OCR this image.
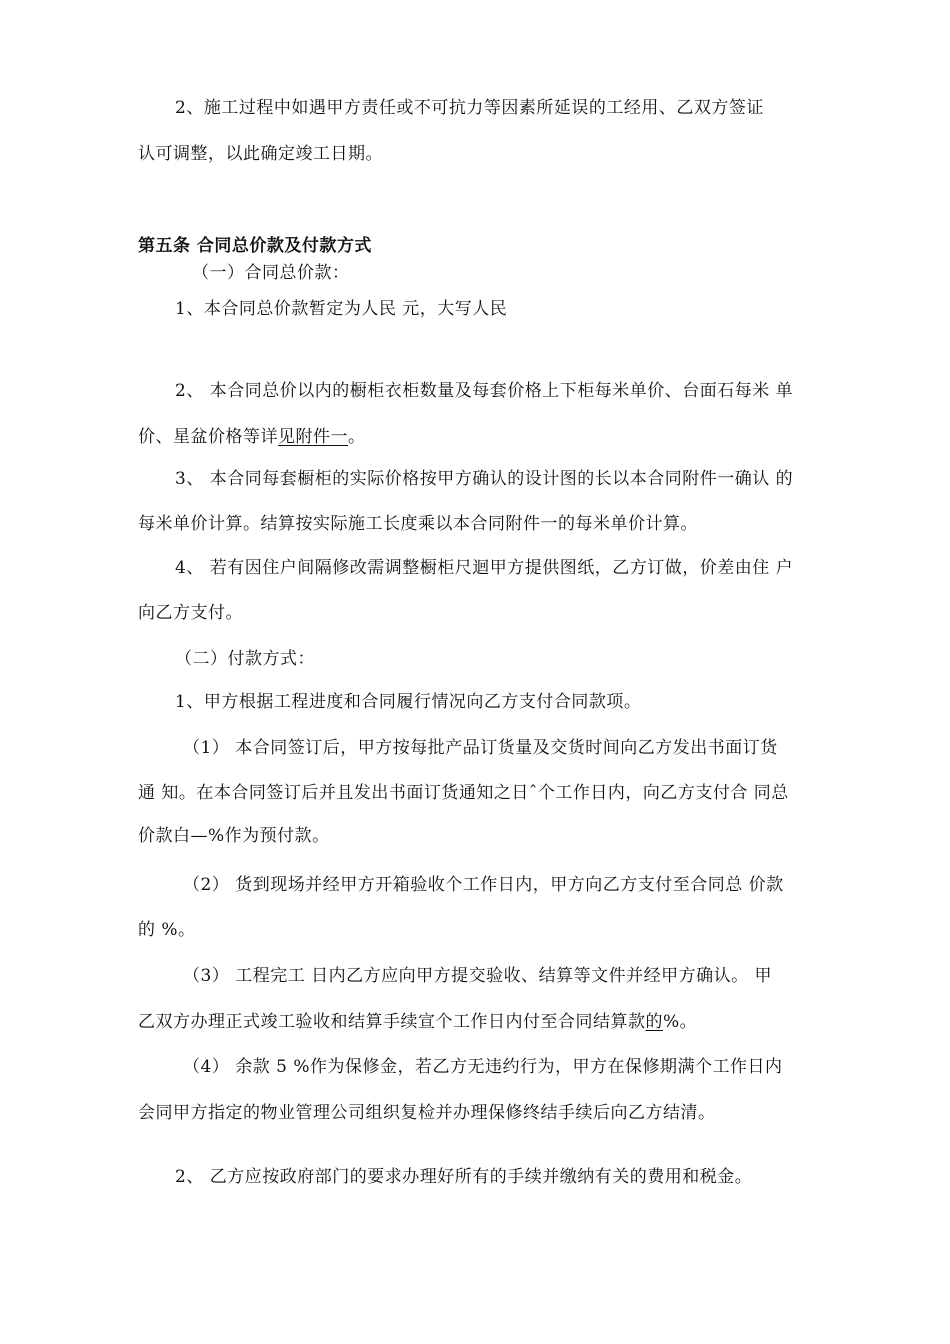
2、施工过程中如遇甲方责任或不可抗力等因素所延误的工经用、乙双方签证
认可调整，以此确定竣工日期。
第五条 合同总价款及付款方式
（一）合同总价款：
1、本合同总价款暂定为人民 元，大写人民
2、 本合同总价以内的橱柜衣柜数量及每套价格上下柜每米单价、台面石每米 单
价、星盆价格等详见附件一。
3、 本合同每套橱柜的实际价格按甲方确认的设计图的长以本合同附件一确认 的
每米单价计算。结算按实际施工长度乘以本合同附件一的每米单价计算。
4、 若有因住户间隔修改需调整橱柜尺迴甲方提供图纸，乙方订做，价差由住 户
向乙方支付。
（二）付款方式：
1、甲方根据工程进度和合同履行情况向乙方支付合同款项。
（1） 本合同签订后，甲方按每批产品订货量及交货时间向乙方发出书面订货
通 知。在本合同签订后并且发出书面订货通知之日ˆ个工作日内，向乙方支付合 同总
价款白—%作为预付款。
（2） 货到现场并经甲方开箱验收个工作日内，甲方向乙方支付至合同总 价款
的 %。
（3） 工程完工 日内乙方应向甲方提交验收、结算等文件并经甲方确认。 甲
乙双方办理正式竣工验收和结算手续宣个工作日内付至合同结算款的%。
（4） 余款 5 %作为保修金，若乙方无违约行为，甲方在保修期满个工作日内
会同甲方指定的物业管理公司组织复检并办理保修终结手续后向乙方结清。
2、 乙方应按政府部门的要求办理好所有的手续并缴纳有关的费用和税金。
